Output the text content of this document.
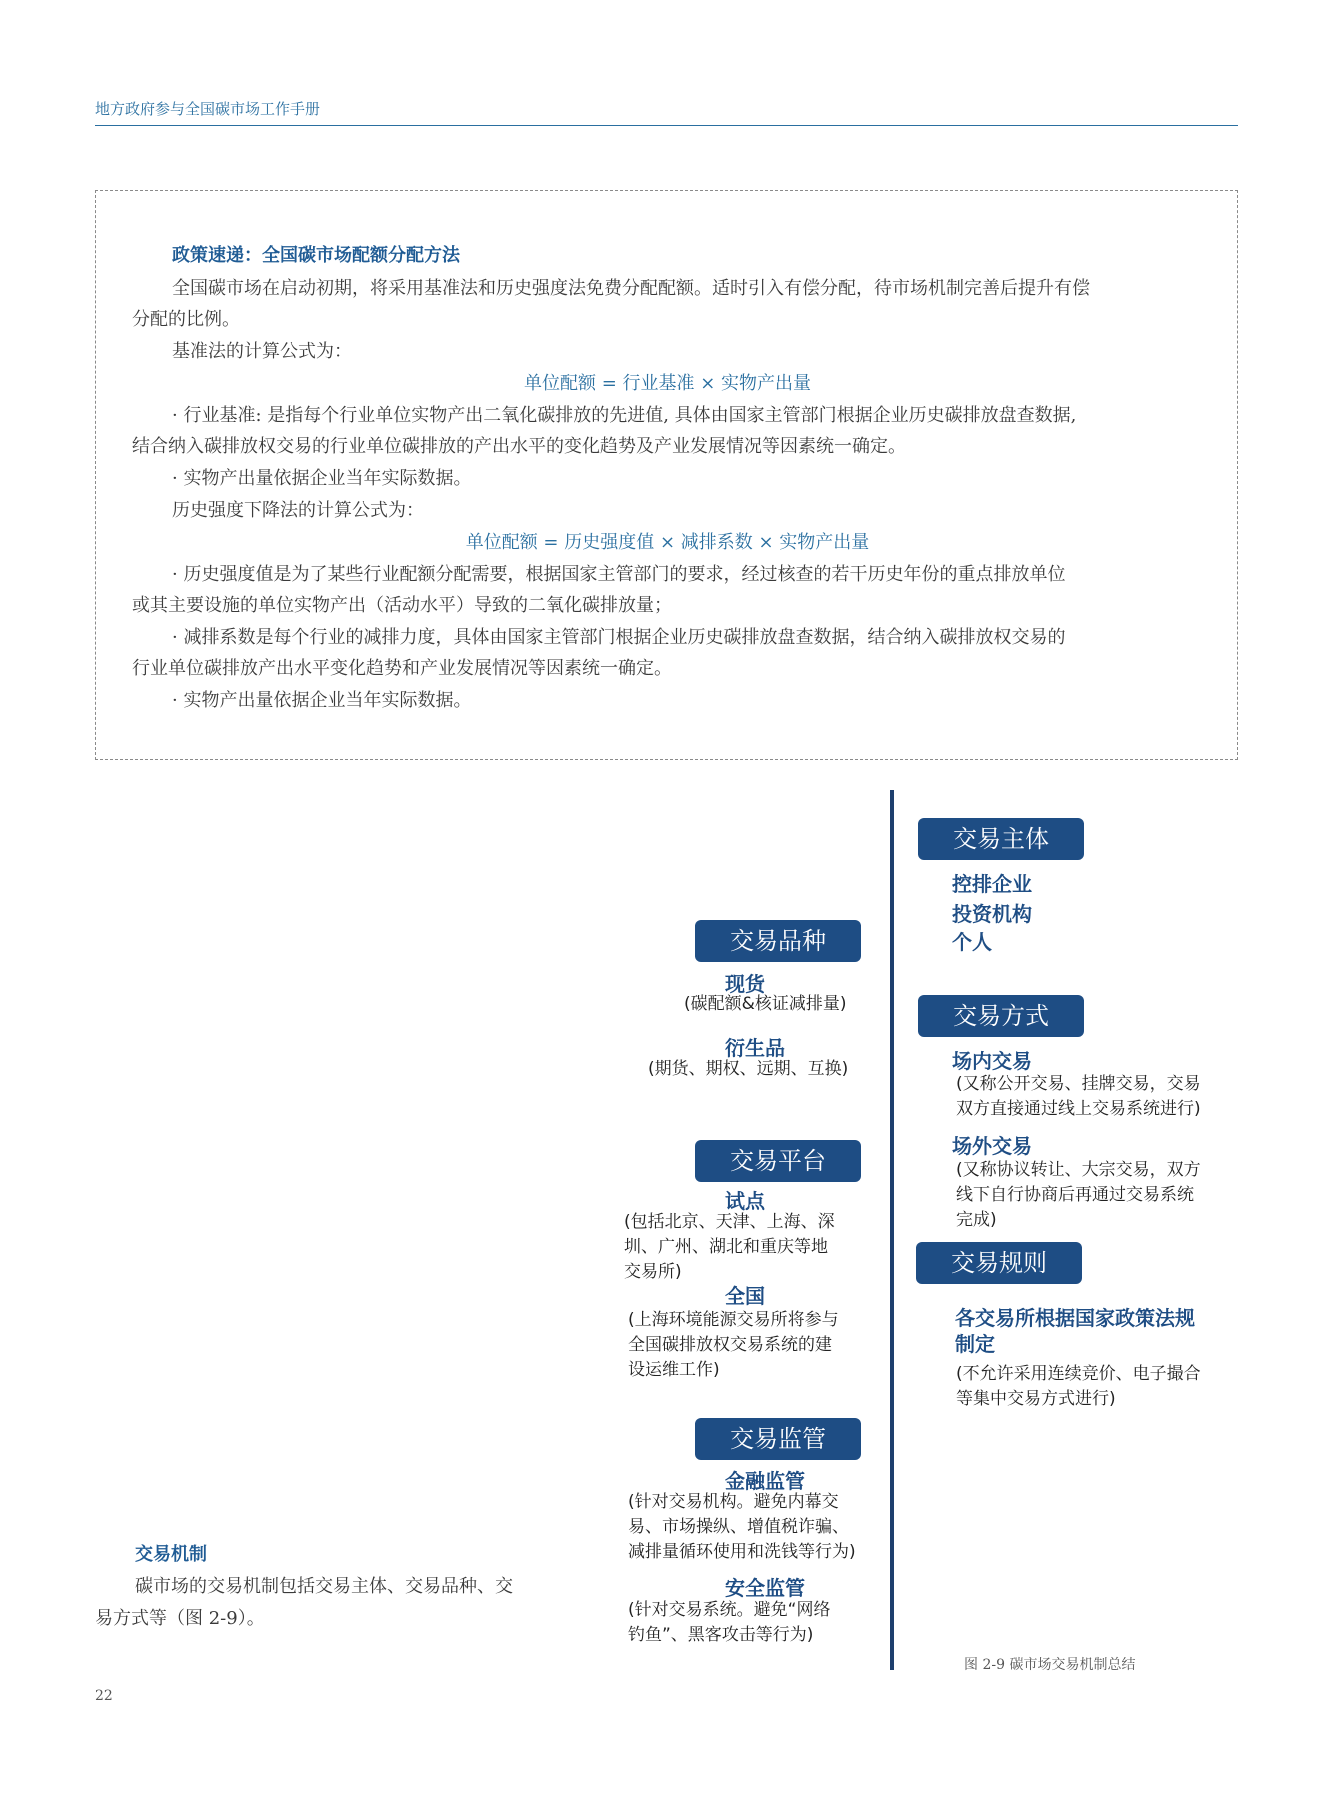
地方政府参与全国碳市场工作手册
政策速递：全国碳市场配额分配方法
全国碳市场在启动初期，将采用基准法和历史强度法免费分配配额。适时引入有偿分配，待市场机制完善后提升有偿
分配的比例。
基准法的计算公式为：
单位配额 = 行业基准 × 实物产出量
· 行业基准: 是指每个行业单位实物产出二氧化碳排放的先进值, 具体由国家主管部门根据企业历史碳排放盘查数据,
结合纳入碳排放权交易的行业单位碳排放的产出水平的变化趋势及产业发展情况等因素统一确定。
· 实物产出量依据企业当年实际数据。
历史强度下降法的计算公式为：
单位配额 = 历史强度值 × 减排系数 × 实物产出量
· 历史强度值是为了某些行业配额分配需要，根据国家主管部门的要求，经过核查的若干历史年份的重点排放单位
或其主要设施的单位实物产出（活动水平）导致的二氧化碳排放量；
· 减排系数是每个行业的减排力度，具体由国家主管部门根据企业历史碳排放盘查数据，结合纳入碳排放权交易的
行业单位碳排放产出水平变化趋势和产业发展情况等因素统一确定。
· 实物产出量依据企业当年实际数据。
交易主体
控排企业
投资机构
个人
交易品种
现货
(碳配额&核证减排量)
衍生品
(期货、期权、远期、互换)
交易方式
场内交易
(又称公开交易、挂牌交易，交易
双方直接通过线上交易系统进行)
场外交易
(又称协议转让、大宗交易，双方
线下自行协商后再通过交易系统
完成)
交易平台
试点
(包括北京、天津、上海、深
圳、广州、湖北和重庆等地
交易所)
全国
(上海环境能源交易所将参与
全国碳排放权交易系统的建
设运维工作)
交易规则
各交易所根据国家政策法规
制定
(不允许采用连续竞价、电子撮合
等集中交易方式进行)
交易监管
金融监管
(针对交易机构。避免内幕交
易、市场操纵、增值税诈骗、
减排量循环使用和洗钱等行为)
安全监管
(针对交易系统。避免“网络
钓鱼”、黑客攻击等行为)
图 2-9 碳市场交易机制总结
交易机制
碳市场的交易机制包括交易主体、交易品种、交
易方式等（图 2-9）。
22
